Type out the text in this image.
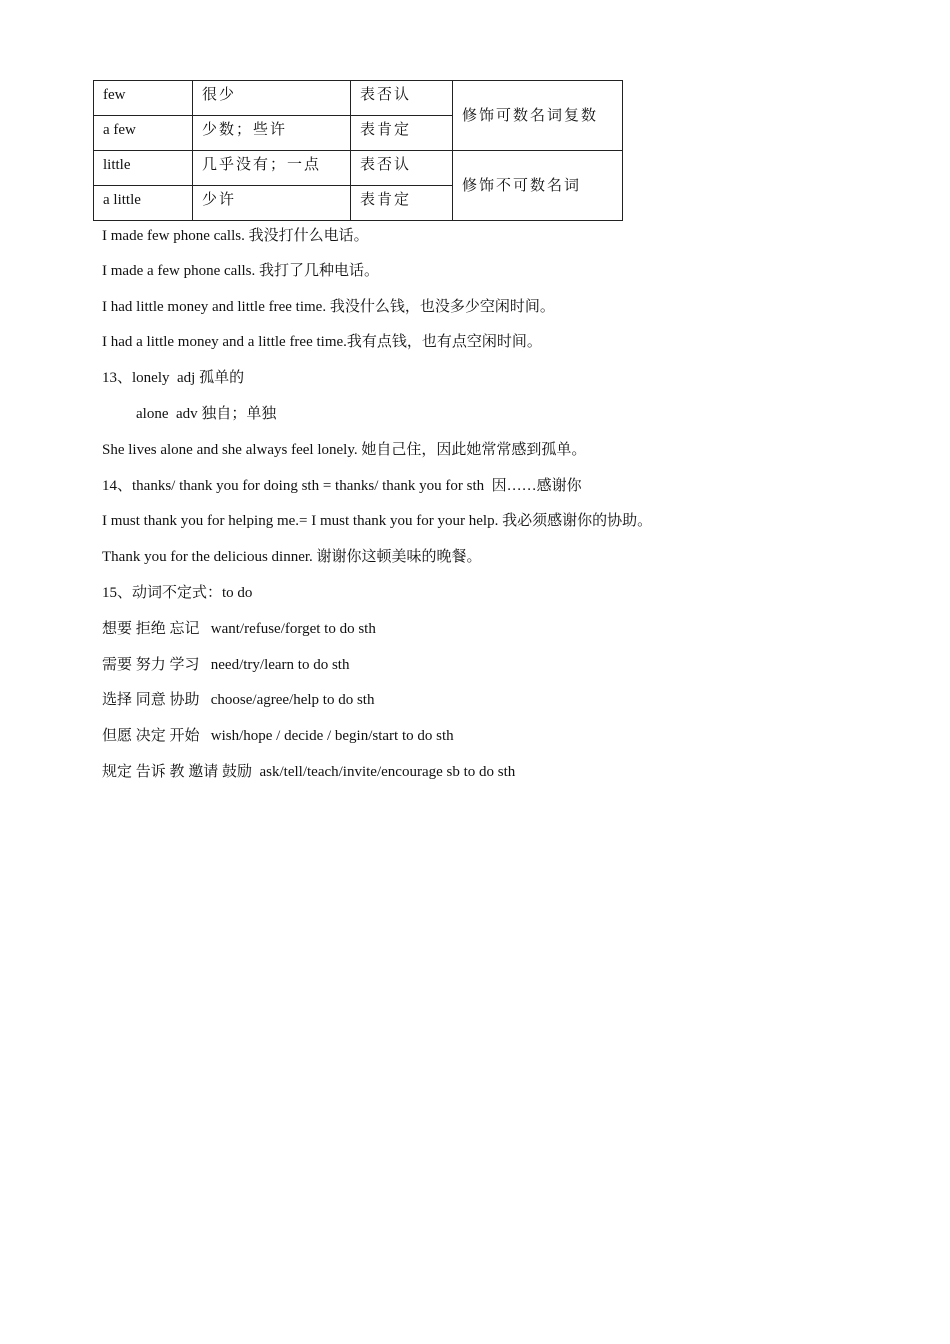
few	很少	表否认	修饰可数名词复数
a few	少数；些许	表肯定	
little	几乎没有；一点	表否认	修饰不可数名词
a little	少许	表肯定	
I made few phone calls. 我没打什么电话。
I made a few phone calls. 我打了几种电话。
I had little money and little free time. 我没什么钱，也没多少空闲时间。
I had a little money and a little free time.我有点钱，也有点空闲时间。
13、lonely  adj 孤单的
alone  adv 独自；单独
She lives alone and she always feel lonely. 她自己住，因此她常常感到孤单。
14、thanks/ thank you for doing sth = thanks/ thank you for sth  因……感谢你
I must thank you for helping me.= I must thank you for your help. 我必须感谢你的协助。
Thank you for the delicious dinner. 谢谢你这顿美味的晚餐。
15、动词不定式：to do
想要 拒绝 忘记   want/refuse/forget to do sth
需要 努力 学习   need/try/learn to do sth
选择 同意 协助   choose/agree/help to do sth
但愿 决定 开始   wish/hope / decide / begin/start to do sth
规定 告诉 教 邀请 鼓励  ask/tell/teach/invite/encourage sb to do sth
